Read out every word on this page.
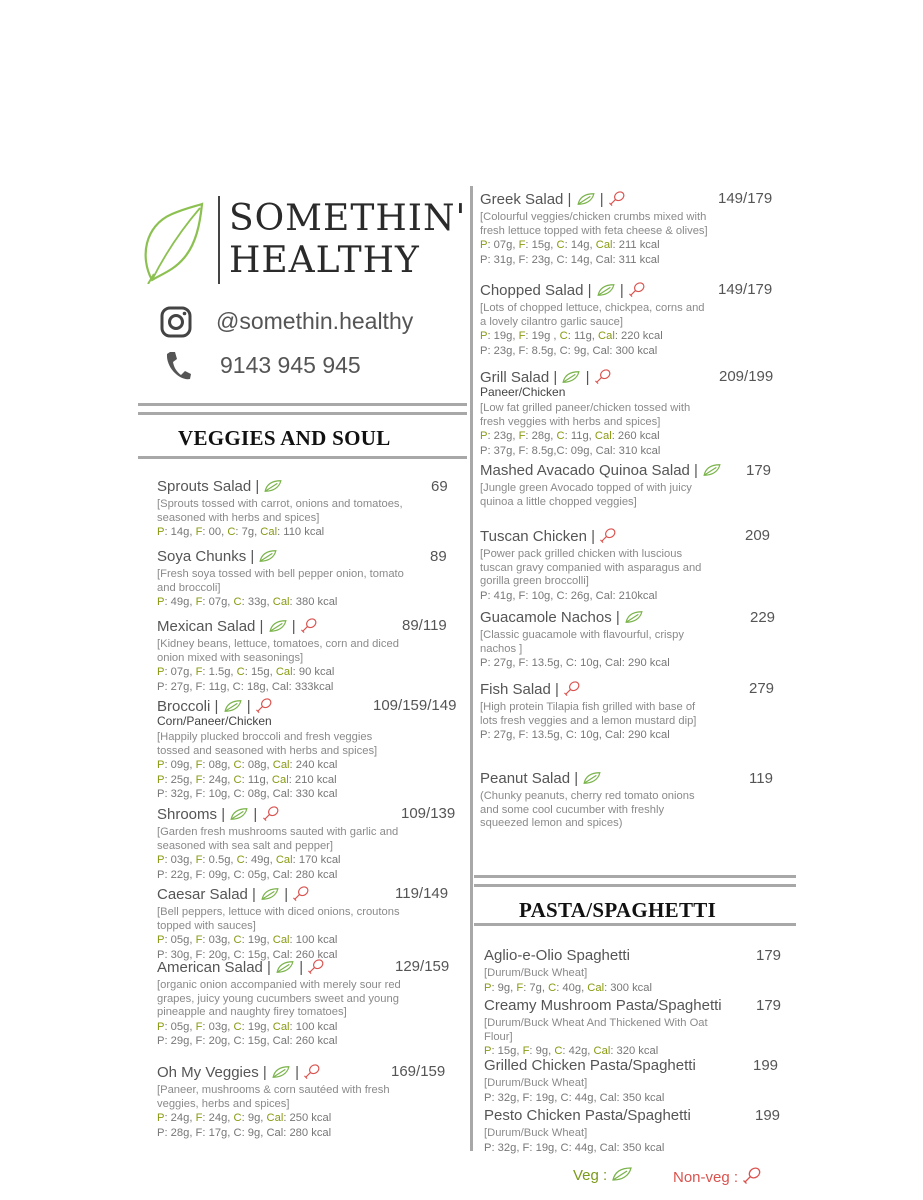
SOMETHIN'
HEALTHY
@somethin.healthy
9143 945 945
VEGGIES AND SOUL
PASTA/SPAGHETTI
Sprouts Salad |
[Sprouts tossed with carrot, onions and tomatoes, seasoned with herbs and spices]
P: 14g, F: 00, C: 7g, Cal: 110 kcal
69
Soya Chunks |
[Fresh soya tossed with bell pepper onion, tomato and broccoli]
P: 49g, F: 07g, C: 33g, Cal: 380 kcal
89
Mexican Salad |  |
[Kidney beans, lettuce, tomatoes, corn and diced onion mixed with seasonings]
P: 07g, F: 1.5g, C: 15g, Cal: 90 kcal
P: 27g, F: 11g, C: 18g, Cal: 333kcal
89/119
Broccoli |  |
Corn/Paneer/Chicken
[Happily plucked broccoli and fresh veggies tossed and seasoned with herbs and spices]
P: 09g, F: 08g, C: 08g, Cal: 240 kcal
P: 25g, F: 24g, C: 11g, Cal: 210 kcal
P: 32g, F: 10g, C: 08g, Cal: 330 kcal
109/159/149
Shrooms |  |
[Garden fresh mushrooms sauted with garlic and seasoned with sea salt and pepper]
P: 03g, F: 0.5g, C: 49g, Cal: 170 kcal
P: 22g, F: 09g, C: 05g, Cal: 280 kcal
109/139
Caesar Salad |  |
[Bell peppers, lettuce with diced onions, croutons topped with sauces]
P: 05g, F: 03g, C: 19g, Cal: 100 kcal
P: 30g, F: 20g, C: 15g, Cal: 260 kcal
119/149
American Salad |  |
[organic onion accompanied with merely sour red grapes, juicy young cucumbers sweet and young pineapple and naughty firey tomatoes]
P: 05g, F: 03g, C: 19g, Cal: 100 kcal
P: 29g, F: 20g, C: 15g, Cal: 260 kcal
129/159
Oh My Veggies |  |
[Paneer, mushrooms & corn sautéed with fresh veggies, herbs and spices]
P: 24g, F: 24g, C: 9g, Cal: 250 kcal
P: 28g, F: 17g, C: 9g, Cal: 280 kcal
169/159
Greek Salad |  |
[Colourful veggies/chicken crumbs mixed with fresh lettuce topped with feta cheese & olives]
P: 07g, F: 15g, C: 14g, Cal: 211 kcal
P: 31g, F: 23g, C: 14g, Cal: 311 kcal
149/179
Chopped Salad |  |
[Lots of chopped lettuce, chickpea, corns and a lovely cilantro garlic sauce]
P: 19g, F: 19g , C: 11g, Cal: 220 kcal
P: 23g, F: 8.5g, C: 9g, Cal: 300 kcal
149/179
Grill Salad |  |
Paneer/Chicken
[Low fat grilled paneer/chicken tossed with fresh veggies with herbs and spices]
P: 23g, F: 28g, C: 11g, Cal: 260 kcal
P: 37g, F: 8.5g,C: 09g, Cal: 310 kcal
209/199
Mashed Avacado Quinoa Salad |
[Jungle green Avocado topped of with juicy quinoa a little chopped veggies]
179
Tuscan Chicken |
[Power pack grilled chicken with luscious tuscan gravy companied with asparagus and gorilla green broccolli]
P: 41g, F: 10g, C: 26g, Cal: 210kcal
209
Guacamole Nachos |
[Classic guacamole with flavourful, crispy nachos ]
P: 27g, F: 13.5g, C: 10g, Cal: 290 kcal
229
Fish Salad |
[High protein Tilapia fish grilled with base of lots fresh veggies and a lemon mustard dip]
P: 27g, F: 13.5g, C: 10g, Cal: 290 kcal
279
Peanut Salad |
(Chunky peanuts, cherry red tomato onions and some cool cucumber with freshly squeezed lemon and spices)
119
Aglio-e-Olio Spaghetti
[Durum/Buck Wheat]
P: 9g, F: 7g, C: 40g, Cal: 300 kcal
179
Creamy Mushroom Pasta/Spaghetti
[Durum/Buck Wheat And Thickened With Oat Flour]
P: 15g, F: 9g, C: 42g, Cal: 320 kcal
179
Grilled Chicken Pasta/Spaghetti
[Durum/Buck Wheat]
P: 32g, F: 19g, C: 44g, Cal: 350 kcal
199
Pesto Chicken Pasta/Spaghetti
[Durum/Buck Wheat]
P: 32g, F: 19g, C: 44g, Cal: 350 kcal
199
Veg :	Non-veg :
